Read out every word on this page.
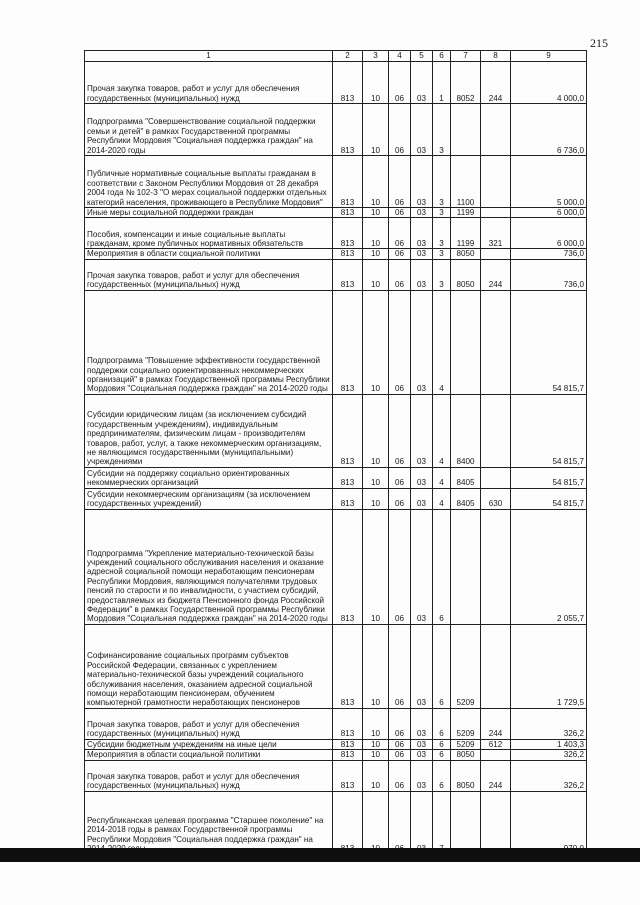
215
1	2	3	4	5	6	7	8	9
Прочая закупка товаров, работ и услуг для обеспечения государственных (муниципальных) нужд	813	10	06	03	1	8052	244	4 000,0
Подпрограмма "Совершенствование социальной поддержки семьи и детей" в рамках Государственной программы Республики Мордовия "Социальная поддержка граждан" на 2014-2020 годы	813	10	06	03	3			6 736,0
Публичные нормативные социальные выплаты гражданам в соответствии с Законом Республики Мордовия от 28 декабря 2004 года № 102-З "О мерах социальной поддержки отдельных категорий населения, проживающего в Республике Мордовия"	813	10	06	03	3	1100		5 000,0
Иные меры социальной поддержки граждан	813	10	06	03	3	1199		6 000,0
Пособия, компенсации и иные социальные выплаты гражданам, кроме публичных нормативных обязательств	813	10	06	03	3	1199	321	6 000,0
Мероприятия в области социальной политики	813	10	06	03	3	8050		736,0
Прочая закупка товаров, работ и услуг для обеспечения государственных (муниципальных) нужд	813	10	06	03	3	8050	244	736,0
Подпрограмма "Повышение эффективности государственной поддержки социально ориентированных некоммерческих организаций" в рамках Государственной программы Республики Мордовия "Социальная поддержка граждан" на 2014-2020 годы	813	10	06	03	4			54 815,7
Субсидии юридическим лицам (за исключением субсидий государственным учреждениям), индивидуальным предпринимателям, физическим лицам - производителям товаров, работ, услуг, а также некоммерческим организациям, не являющимся государственными (муниципальными) учреждениями	813	10	06	03	4	8400		54 815,7
Субсидии на поддержку социально ориентированных некоммерческих организаций	813	10	06	03	4	8405		54 815,7
Субсидии некоммерческим организациям (за исключением государственных учреждений)	813	10	06	03	4	8405	630	54 815,7
Подпрограмма "Укрепление материально-технической базы учреждений социального обслуживания населения и оказание адресной социальной помощи неработающим пенсионерам Республики Мордовия, являющимся получателями трудовых пенсий по старости и по инвалидности, с участием субсидий, предоставляемых из бюджета Пенсионного фонда Российской Федерации" в рамках Государственной программы Республики Мордовия "Социальная поддержка граждан" на 2014-2020 годы	813	10	06	03	6			2 055,7
Софинансирование социальных программ субъектов Российской Федерации, связанных с укреплением материально-технической базы учреждений социального обслуживания населения, оказанием адресной социальной помощи неработающим пенсионерам, обучением компьютерной грамотности неработающих пенсионеров	813	10	06	03	6	5209		1 729,5
Прочая закупка товаров, работ и услуг для обеспечения государственных (муниципальных) нужд	813	10	06	03	6	5209	244	326,2
Субсидии бюджетным учреждениям на иные цели	813	10	06	03	6	5209	612	1 403,3
Мероприятия в области социальной политики	813	10	06	03	6	8050		326,2
Прочая закупка товаров, работ и услуг для обеспечения государственных (муниципальных) нужд	813	10	06	03	6	8050	244	326,2
Республиканская целевая программа "Старшее поколение" на 2014-2018 годы в рамках Государственной программы Республики Мордовия "Социальная поддержка граждан" на								
